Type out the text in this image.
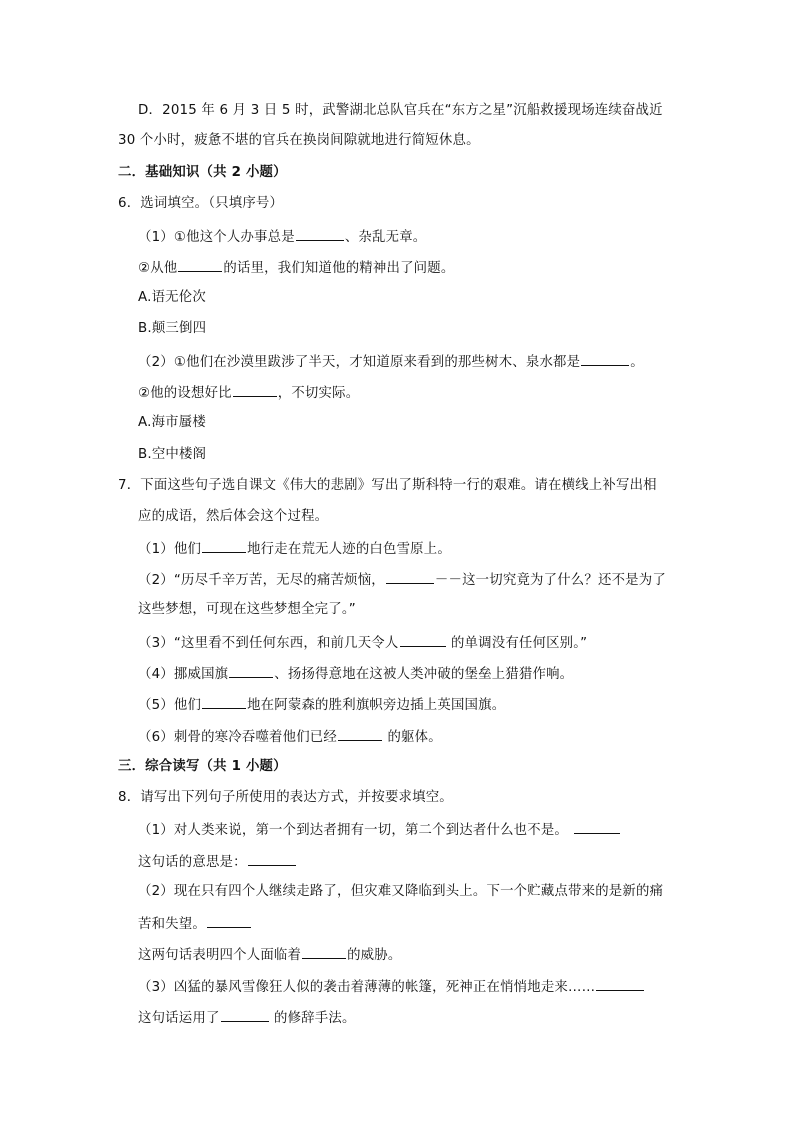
D．2015 年 6 月 3 日 5 时，武警湖北总队官兵在“东方之星”沉船救援现场连续奋战近
30 个小时，疲惫不堪的官兵在换岗间隙就地进行简短休息。
二．基础知识（共 2 小题）
6．选词填空。（只填序号）
（1）①他这个人办事总是	、杂乱无章。
②从他	的话里，我们知道他的精神出了问题。
A.语无伦次
B.颠三倒四
（2）①他们在沙漠里跋涉了半天，才知道原来看到的那些树木、泉水都是	。
②他的设想好比	，不切实际。
A.海市蜃楼
B.空中楼阁
7．下面这些句子选自课文《伟大的悲剧》写出了斯科特一行的艰难。请在横线上补写出相
应的成语，然后体会这个过程。
（1）他们	地行走在荒无人迹的白色雪原上。
（2）“历尽千辛万苦，无尽的痛苦烦恼，	－－这一切究竟为了什么？还不是为了
这些梦想，可现在这些梦想全完了。”
（3）“这里看不到任何东西，和前几天令人	的单调没有任何区别。”
（4）挪威国旗	、扬扬得意地在这被人类冲破的堡垒上猎猎作响。
（5）他们	地在阿蒙森的胜利旗帜旁边插上英国国旗。
（6）刺骨的寒冷吞噬着他们已经	的躯体。
三．综合读写（共 1 小题）
8．请写出下列句子所使用的表达方式，并按要求填空。
（1）对人类来说，第一个到达者拥有一切，第二个到达者什么也不是。
这句话的意思是：
（2）现在只有四个人继续走路了，但灾难又降临到头上。下一个贮藏点带来的是新的痛
苦和失望。
这两句话表明四个人面临着	的威胁。
（3）凶猛的暴风雪像狂人似的袭击着薄薄的帐篷，死神正在悄悄地走来……
这句话运用了	的修辞手法。
